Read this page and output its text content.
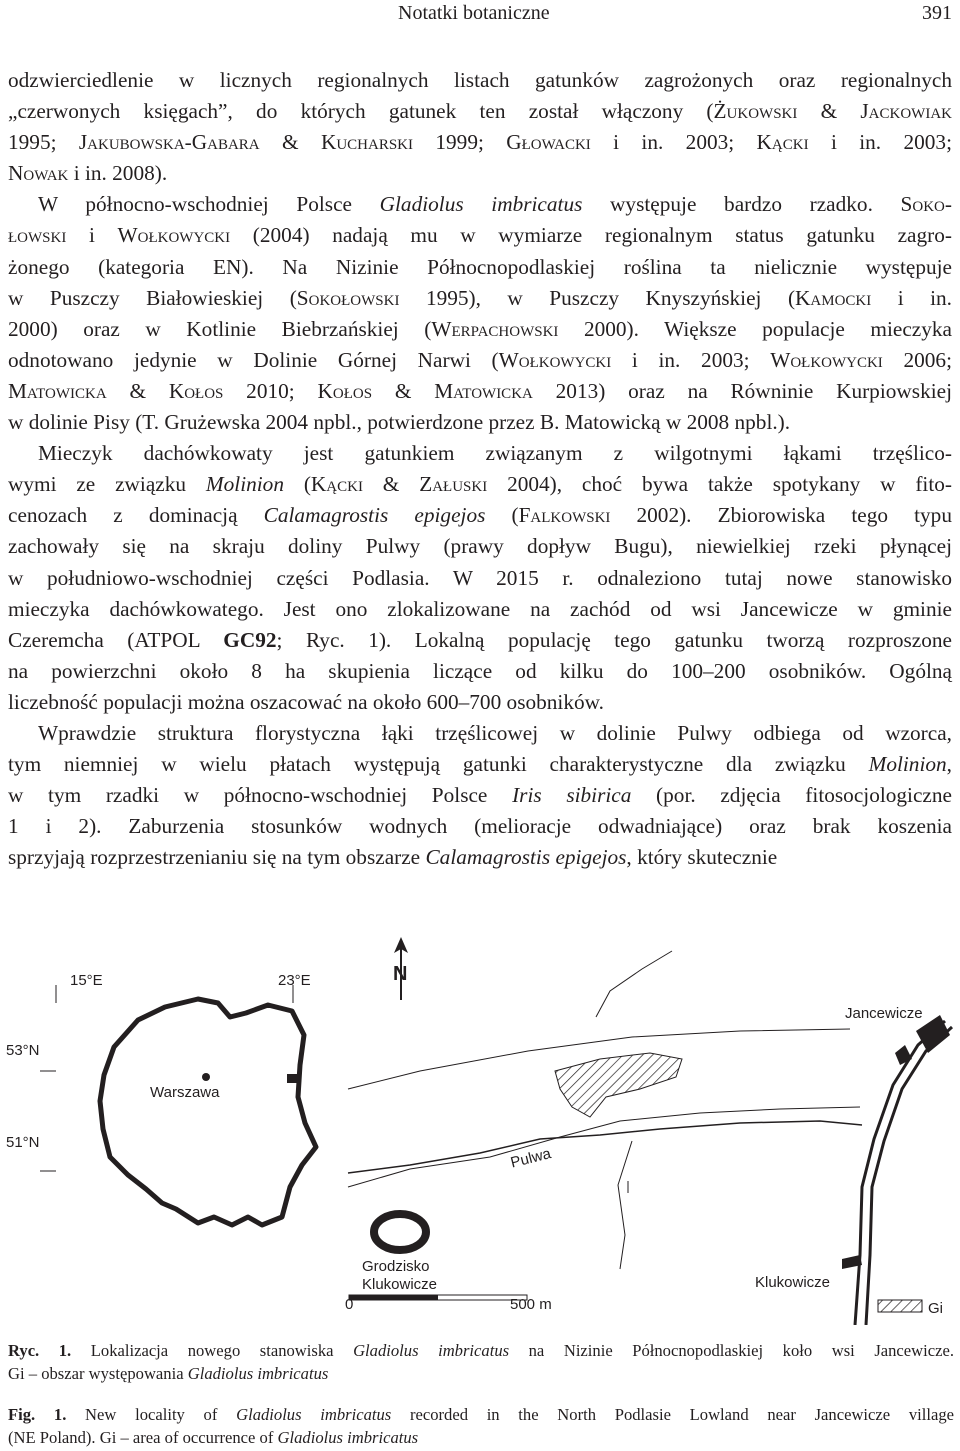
Notatki botaniczne	391

odzwierciedlenie w licznych regionalnych listach gatunków zagrożonych oraz regionalnych

„czerwonych księgach”, do których gatunek ten został włączony (Żukowski & Jackowiak

1995; Jakubowska-Gabara & Kucharski 1999; Głowacki i in. 2003; Kącki i in. 2003;

Nowak i in. 2008).

W północno-wschodniej Polsce Gladiolus imbricatus występuje bardzo rzadko. Soko-

łowski i Wołkowycki (2004) nadają mu w wymiarze regionalnym status gatunku zagro-

żonego (kategoria EN). Na Nizinie Północnopodlaskiej roślina ta nielicznie występuje

w Puszczy Białowieskiej (Sokołowski 1995), w Puszczy Knyszyńskiej (Kamocki i in.

2000) oraz w Kotlinie Biebrzańskiej (Werpachowski 2000). Większe populacje mieczyka

odnotowano jedynie w Dolinie Górnej Narwi (Wołkowycki i in. 2003; Wołkowycki 2006;

Matowicka & Kołos 2010; Kołos & Matowicka 2013) oraz na Równinie Kurpiowskiej

w dolinie Pisy (T. Grużewska 2004 npbl., potwierdzone przez B. Matowicką w 2008 npbl.).

Mieczyk dachówkowaty jest gatunkiem związanym z wilgotnymi łąkami trzęślico-

wymi ze związku Molinion (Kącki & Załuski 2004), choć bywa także spotykany w fito-

cenozach z dominacją Calamagrostis epigejos (Falkowski 2002). Zbiorowiska tego typu

zachowały się na skraju doliny Pulwy (prawy dopływ Bugu), niewielkiej rzeki płynącej

w południowo-wschodniej części Podlasia. W 2015 r. odnaleziono tutaj nowe stanowisko

mieczyka dachówkowatego. Jest ono zlokalizowane na zachód od wsi Jancewicze w gminie

Czeremcha (ATPOL GC92; Ryc. 1). Lokalną populację tego gatunku tworzą rozproszone

na powierzchni około 8 ha skupienia liczące od kilku do 100–200 osobników. Ogólną

liczebność populacji można oszacować na około 600–700 osobników.

Wprawdzie struktura florystyczna łąki trzęślicowej w dolinie Pulwy odbiega od wzorca,

tym niemniej w wielu płatach występują gatunki charakterystyczne dla związku Molinion,

w tym rzadki w północno-wschodniej Polsce Iris sibirica (por. zdjęcia fitosocjologiczne

1 i 2). Zaburzenia stosunków wodnych (melioracje odwadniające) oraz brak koszenia

sprzyjają rozprzestrzenianiu się na tym obszarze Calamagrostis epigejos, który skutecznie

15°E	23°E
53°N
51°N
Warszawa
N
Jancewicze
Pulwa
Grodzisko
Klukowicze	Klukowicze
0	500 m	Gi

Ryc. 1. Lokalizacja nowego stanowiska Gladiolus imbricatus na Nizinie Północnopodlaskiej koło wsi Jancewicze.

Gi – obszar występowania Gladiolus imbricatus

Fig. 1. New locality of Gladiolus imbricatus recorded in the North Podlasie Lowland near Jancewicze village

(NE Poland). Gi – area of occurrence of Gladiolus imbricatus
